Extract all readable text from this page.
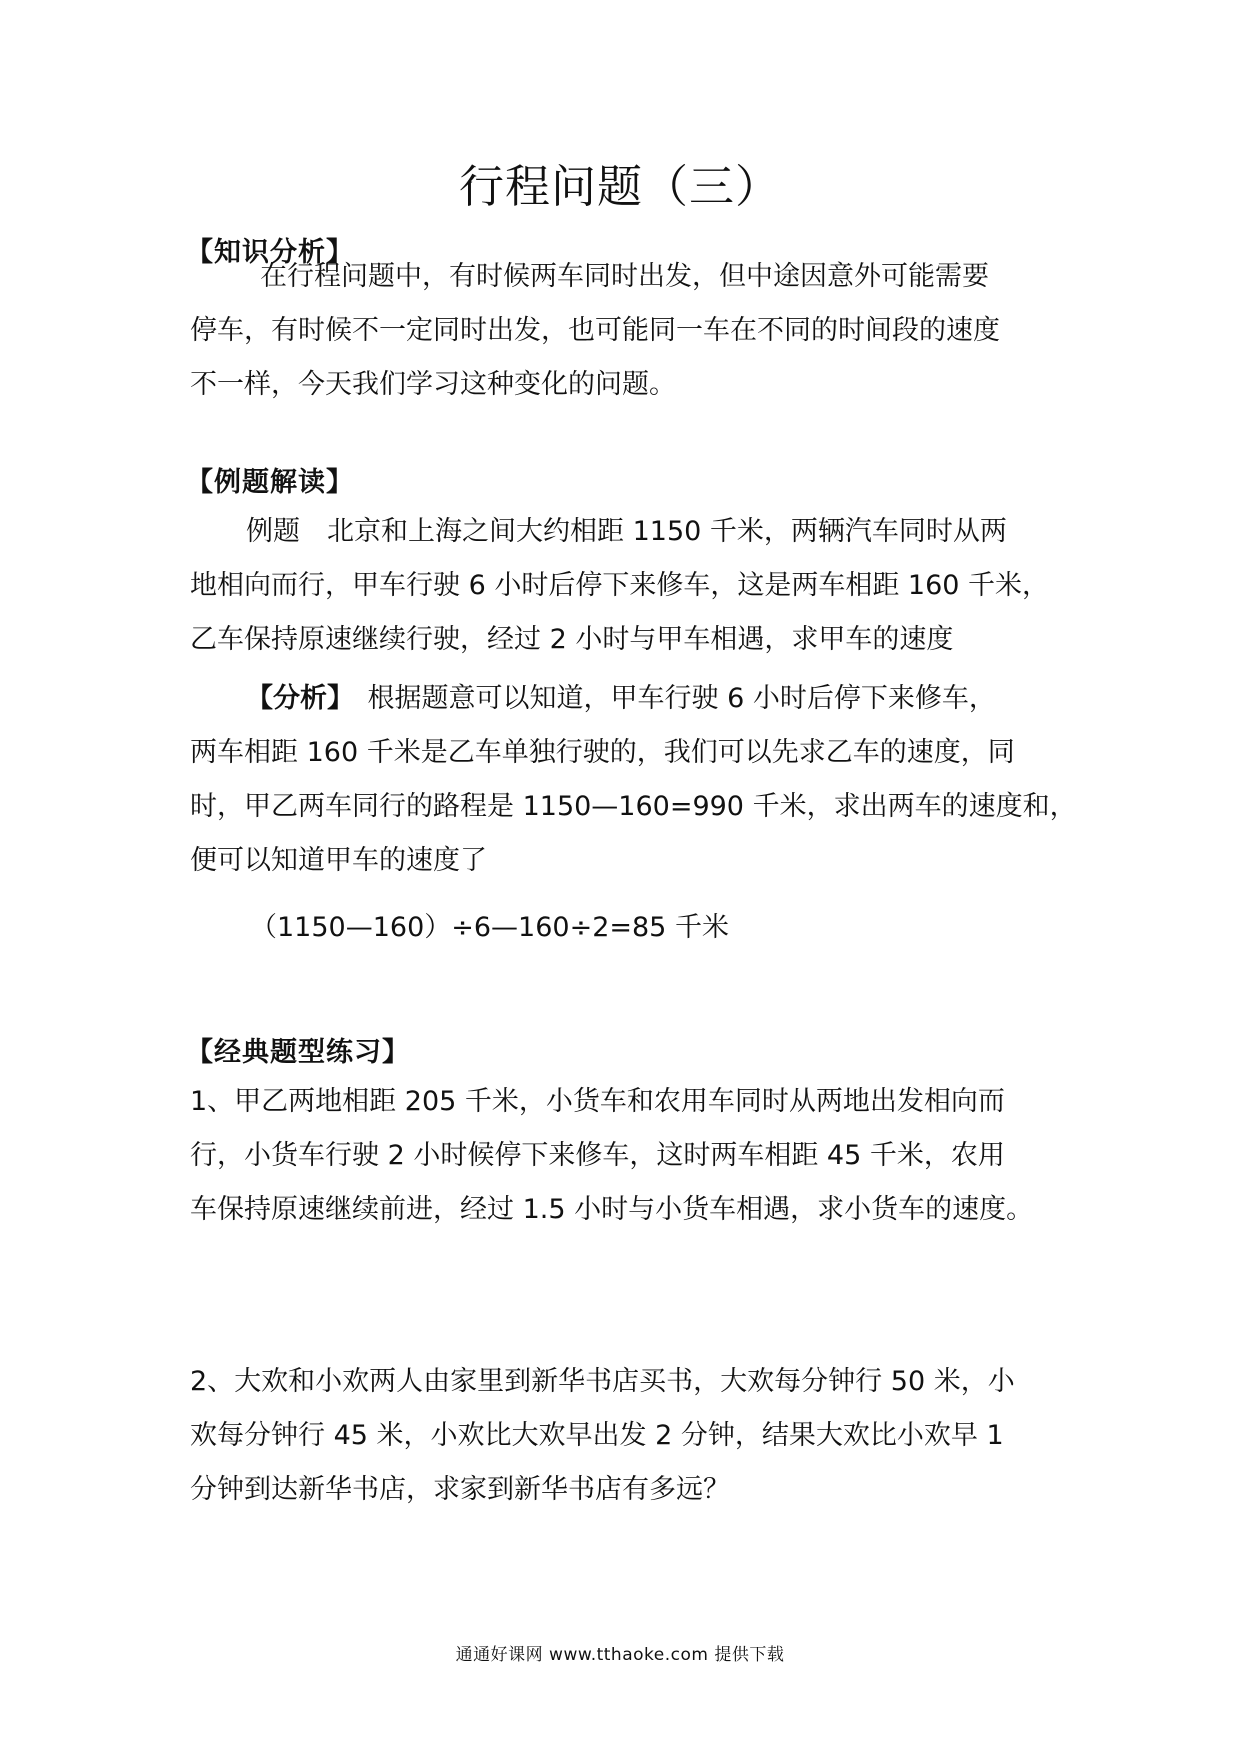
行程问题（三）
【知识分析】
在行程问题中，有时候两车同时出发，但中途因意外可能需要
停车，有时候不一定同时出发，也可能同一车在不同的时间段的速度
不一样，今天我们学习这种变化的问题。
【例题解读】
例题　北京和上海之间大约相距 1150 千米，两辆汽车同时从两
地相向而行，甲车行驶 6 小时后停下来修车，这是两车相距 160 千米，
乙车保持原速继续行驶，经过 2 小时与甲车相遇，求甲车的速度
【分析】　根据题意可以知道，甲车行驶 6 小时后停下来修车，
两车相距 160 千米是乙车单独行驶的，我们可以先求乙车的速度，同
时，甲乙两车同行的路程是 1150—160=990 千米，求出两车的速度和，
便可以知道甲车的速度了
（1150—160）÷6—160÷2=85 千米
【经典题型练习】
1、甲乙两地相距 205 千米，小货车和农用车同时从两地出发相向而
行，小货车行驶 2 小时候停下来修车，这时两车相距 45 千米，农用
车保持原速继续前进，经过 1.5 小时与小货车相遇，求小货车的速度。
2、大欢和小欢两人由家里到新华书店买书，大欢每分钟行 50 米，小
欢每分钟行 45 米，小欢比大欢早出发 2 分钟，结果大欢比小欢早 1
分钟到达新华书店，求家到新华书店有多远？
通通好课网 www.tthaoke.com 提供下载
